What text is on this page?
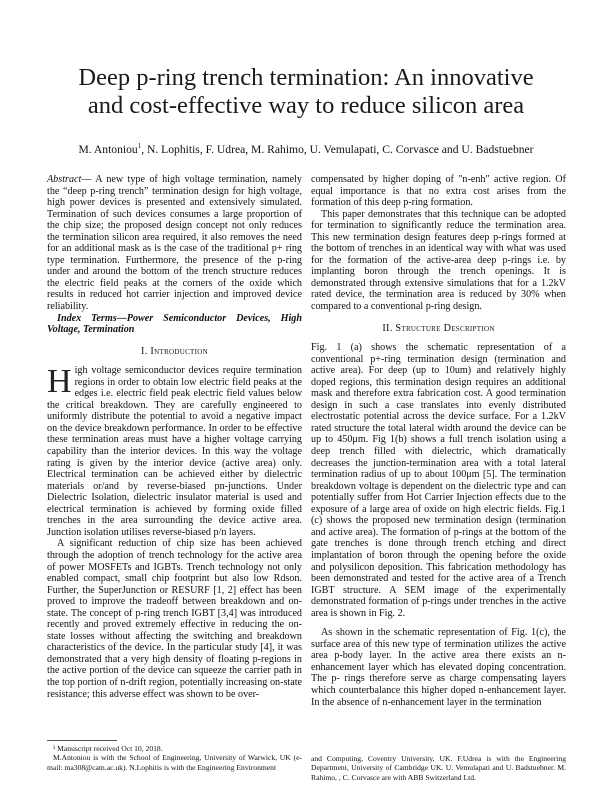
Deep p-ring trench termination: An innovative
and cost-effective way to reduce silicon area
M. Antoniou$^1$, N. Lophitis, F. Udrea, M. Rahimo, U. Vemulapati, C. Corvasce and U. Badstuebner

Abstract— A new type of high voltage termination, namely the “deep p-ring trench” termination design for high voltage, high power devices is presented and extensively simulated. Termination of such devices consumes a large proportion of the chip size; the proposed design concept not only reduces the termination silicon area required, it also removes the need for an additional mask as is the case of the traditional p+ ring type termination. Furthermore, the presence of the p-ring under and around the bottom of the trench structure reduces the electric field peaks at the corners of the oxide which results in reduced hot carrier injection and improved device reliability.

Index Terms—Power Semiconductor Devices, High Voltage, Termination

I. Introduction

High voltage semiconductor devices require termination regions in order to obtain low electric field peaks at the edges i.e. electric field peak electric field values below the critical breakdown. They are carefully engineered to uniformly distribute the potential to avoid a negative impact on the device breakdown performance. In order to be effective these termination areas must have a higher voltage carrying capability than the interior devices. In this way the voltage rating is given by the interior device (active area) only. Electrical termination can be achieved either by dielectric materials or/and by reverse-biased pn-junctions. Under Dielectric Isolation, dielectric insulator material is used and electrical termination is achieved by forming oxide filled trenches in the area surrounding the device active area. Junction isolation utilises reverse-biased p/n layers.

A significant reduction of chip size has been achieved through the adoption of trench technology for the active area of power MOSFETs and IGBTs. Trench technology not only enabled compact, small chip footprint but also low Rdson. Further, the SuperJunction or RESURF [1, 2] effect has been proved to improve the tradeoff between breakdown and on-state. The concept of p-ring trench IGBT [3,4] was introduced recently and proved extremely effective in reducing the on-state losses without affecting the switching and breakdown characteristics of the device. In the particular study [4], it was demonstrated that a very high density of floating p-regions in the active portion of the device can squeeze the carrier path in the top portion of n-drift region, potentially increasing on-state resistance; this adverse effect was shown to be over-

compensated by higher doping of "n-enh" active region. Of equal importance is that no extra cost arises from the formation of this deep p-ring formation.

This paper demonstrates that this technique can be adopted for termination to significantly reduce the termination area. This new termination design features deep p-rings formed at the bottom of trenches in an identical way with what was used for the formation of the active-area deep p-rings i.e. by implanting boron through the trench openings. It is demonstrated through extensive simulations that for a 1.2kV rated device, the termination area is reduced by 30% when compared to a conventional p-ring design.

II. Structure Description

Fig. 1 (a) shows the schematic representation of a conventional p+-ring termination design (termination and active area). For deep (up to 10um) and relatively highly doped regions, this termination design requires an additional mask and therefore extra fabrication cost. A good termination design in such a case translates into evenly distributed electrostatic potential across the device surface. For a 1.2kV rated structure the total lateral width around the device can be up to 450μm. Fig 1(b) shows a full trench isolation using a deep trench filled with dielectric, which dramatically decreases the junction-termination area with a total lateral termination radius of up to about 100μm [5]. The termination breakdown voltage is dependent on the dielectric type and can potentially suffer from Hot Carrier Injection effects due to the exposure of a large area of oxide on high electric fields. Fig.1 (c) shows the proposed new termination design (termination and active area). The formation of p-rings at the bottom of the gate trenches is done through trench etching and direct implantation of boron through the opening before the oxide and polysilicon deposition. This fabrication methodology has been demonstrated and tested for the active area of a Trench IGBT structure. A SEM image of the experimentally demonstrated formation of p-rings under trenches in the active area is shown in Fig. 2.

As shown in the schematic representation of Fig. 1(c), the surface area of this new type of termination utilizes the active area p-body layer. In the active area there exists an n-enhancement layer which has elevated doping concentration. The p- rings therefore serve as charge compensating layers which counterbalance this higher doped n-enhancement layer. In the absence of n-enhancement layer in the termination

¹ Manuscript received Oct 10, 2018.

M.Antoniou is with the School of Engineering, University of Warwick, UK (e-mail: ma308@cam.ac.uk). N.Lophitis is with the Engineering Environment

and Computing, Coventry University, UK. F.Udrea is with the Engineering Department, University of Cambridge UK. U. Vemulapati and U. Badstuebner. M. Rahimo, , C. Corvasce are with ABB Switzerland Ltd.
